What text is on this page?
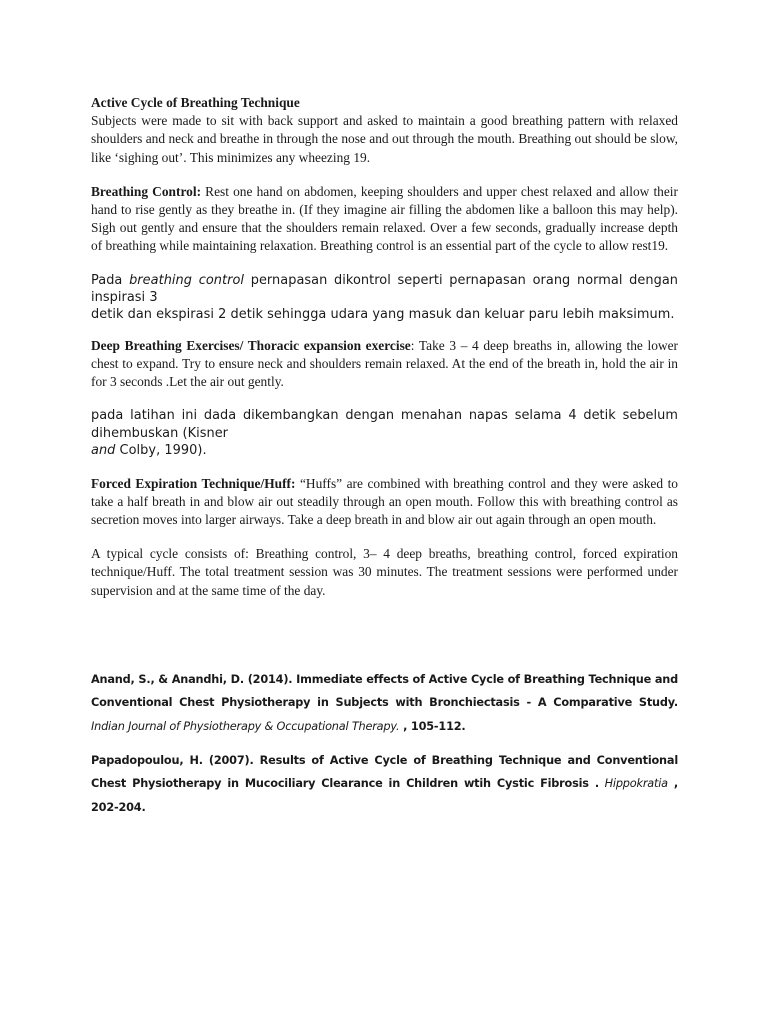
Active Cycle of Breathing Technique

Subjects were made to sit with back support and asked to maintain a good breathing pattern with relaxed shoulders and neck and breathe in through the nose and out through the mouth. Breathing out should be slow, like ‘sighing out’. This minimizes any wheezing 19.

Breathing Control: Rest one hand on abdomen, keeping shoulders and upper chest relaxed and allow their hand to rise gently as they breathe in. (If they imagine air filling the abdomen like a balloon this may help). Sigh out gently and ensure that the shoulders remain relaxed. Over a few seconds, gradually increase depth of breathing while maintaining relaxation. Breathing control is an essential part of the cycle to allow rest19.

Pada breathing control pernapasan dikontrol seperti pernapasan orang normal dengan inspirasi 3

detik dan ekspirasi 2 detik sehingga udara yang masuk dan keluar paru lebih maksimum.

Deep Breathing Exercises/ Thoracic expansion exercise: Take 3 – 4 deep breaths in, allowing the lower chest to expand. Try to ensure neck and shoulders remain relaxed. At the end of the breath in, hold the air in for 3 seconds .Let the air out gently.

pada latihan ini dada dikembangkan dengan menahan napas selama 4 detik sebelum dihembuskan (Kisner

and Colby, 1990).

Forced Expiration Technique/Huff: “Huffs” are combined with breathing control and they were asked to take a half breath in and blow air out steadily through an open mouth. Follow this with breathing control as secretion moves into larger airways. Take a deep breath in and blow air out again through an open mouth.

A typical cycle consists of: Breathing control, 3– 4 deep breaths, breathing control, forced expiration technique/Huff. The total treatment session was 30 minutes. The treatment sessions were performed under supervision and at the same time of the day.

Anand, S., & Anandhi, D. (2014). Immediate effects of Active Cycle of Breathing Technique and Conventional Chest Physiotherapy in Subjects with Bronchiectasis - A Comparative Study. Indian Journal of Physiotherapy & Occupational Therapy. , 105-112.

Papadopoulou, H. (2007). Results of Active Cycle of Breathing Technique and Conventional Chest Physiotherapy in Mucociliary Clearance in Children wtih Cystic Fibrosis . Hippokratia , 202-204.
